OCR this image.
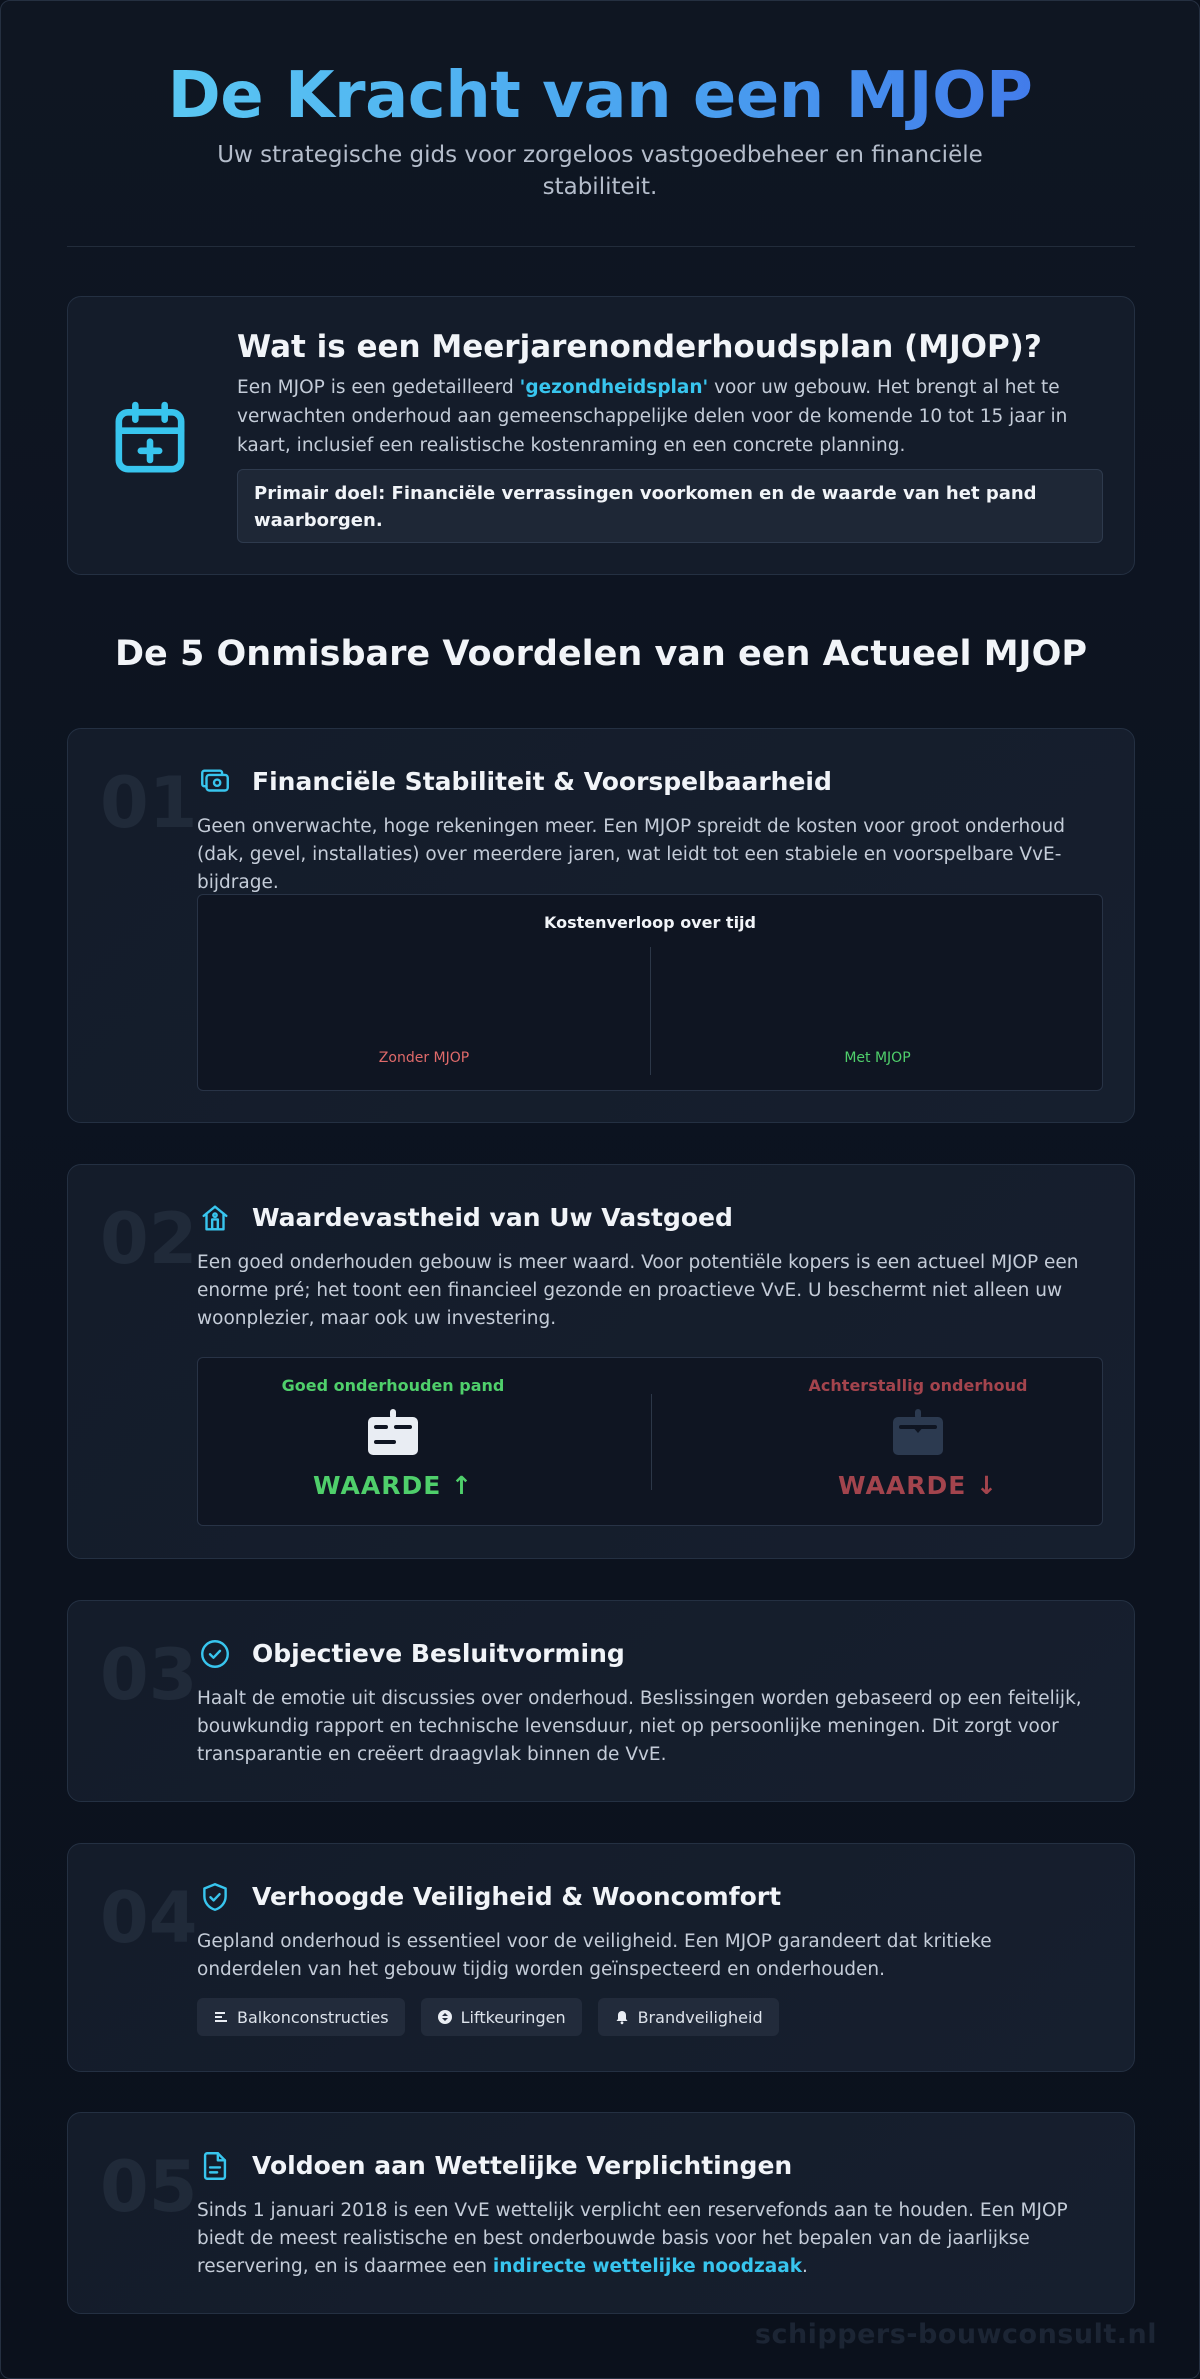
De Kracht van een MJOP

Uw strategische gids voor zorgeloos vastgoedbeheer en financiële stabiliteit.

Wat is een Meerjarenonderhoudsplan (MJOP)?

Een MJOP is een gedetailleerd 'gezondheidsplan' voor uw gebouw. Het brengt al het te verwachten onderhoud aan gemeenschappelijke delen voor de komende 10 tot 15 jaar in kaart, inclusief een realistische kostenraming en een concrete planning.

Primair doel: Financiële verrassingen voorkomen en de waarde van het pand waarborgen.
De 5 Onmisbare Voordelen van een Actueel MJOP
01 Financiële Stabiliteit & Voorspelbaarheid

Geen onverwachte, hoge rekeningen meer. Een MJOP spreidt de kosten voor groot onderhoud (dak, gevel, installaties) over meerdere jaren, wat leidt tot een stabiele en voorspelbare VvE-bijdrage.

Kostenverloop over tijd
Zonder MJOP	Met MJOP
02 Waardevastheid van Uw Vastgoed

Een goed onderhouden gebouw is meer waard. Voor potentiële kopers is een actueel MJOP een enorme pré; het toont een financieel gezonde en proactieve VvE. U beschermt niet alleen uw woonplezier, maar ook uw investering.

Goed onderhouden pand
WAARDE ↑
Achterstallig onderhoud
WAARDE ↓
03 Objectieve Besluitvorming

Haalt de emotie uit discussies over onderhoud. Beslissingen worden gebaseerd op een feitelijk, bouwkundig rapport en technische levensduur, niet op persoonlijke meningen. Dit zorgt voor transparantie en creëert draagvlak binnen de VvE.

04 Verhoogde Veiligheid & Wooncomfort

Gepland onderhoud is essentieel voor de veiligheid. Een MJOP garandeert dat kritieke onderdelen van het gebouw tijdig worden geïnspecteerd en onderhouden.

Balkonconstructies	Liftkeuringen	Brandveiligheid
05 Voldoen aan Wettelijke Verplichtingen

Sinds 1 januari 2018 is een VvE wettelijk verplicht een reservefonds aan te houden. Een MJOP biedt de meest realistische en best onderbouwde basis voor het bepalen van de jaarlijkse reservering, en is daarmee een indirecte wettelijke noodzaak.

schippers-bouwconsult.nl
